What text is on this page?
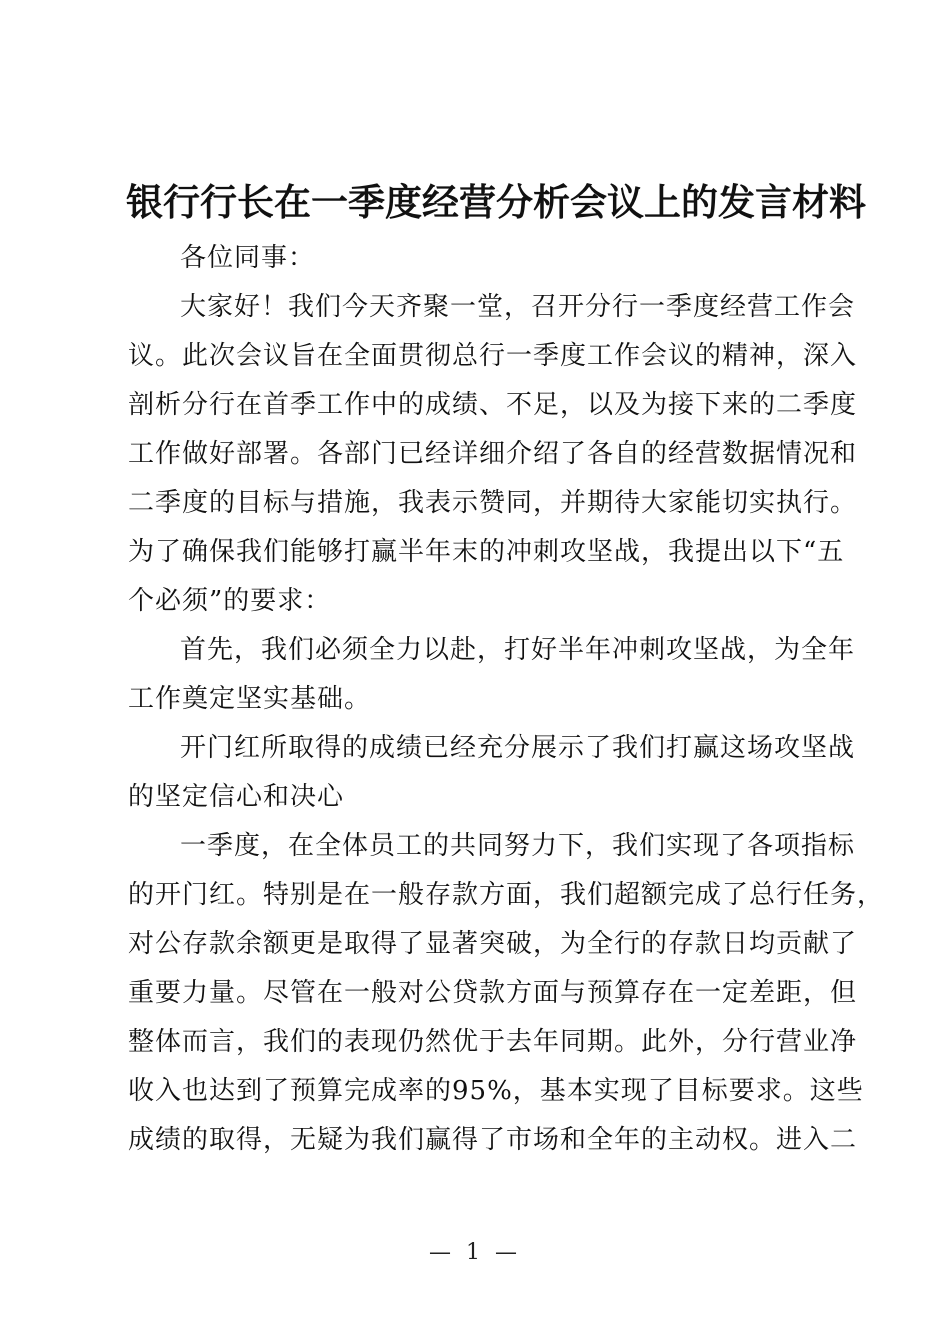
银行行长在一季度经营分析会议上的发言材料
各位同事：
大家好！我们今天齐聚一堂，召开分行一季度经营工作会
议。此次会议旨在全面贯彻总行一季度工作会议的精神，深入
剖析分行在首季工作中的成绩、不足，以及为接下来的二季度
工作做好部署。各部门已经详细介绍了各自的经营数据情况和
二季度的目标与措施，我表示赞同，并期待大家能切实执行。
为了确保我们能够打赢半年末的冲刺攻坚战，我提出以下“五
个必须”的要求：
首先，我们必须全力以赴，打好半年冲刺攻坚战，为全年
工作奠定坚实基础。
开门红所取得的成绩已经充分展示了我们打赢这场攻坚战
的坚定信心和决心
一季度，在全体员工的共同努力下，我们实现了各项指标
的开门红。特别是在一般存款方面，我们超额完成了总行任务，
对公存款余额更是取得了显著突破，为全行的存款日均贡献了
重要力量。尽管在一般对公贷款方面与预算存在一定差距，但
整体而言，我们的表现仍然优于去年同期。此外，分行营业净
收入也达到了预算完成率的95%，基本实现了目标要求。这些
成绩的取得，无疑为我们赢得了市场和全年的主动权。进入二
— 1 —
